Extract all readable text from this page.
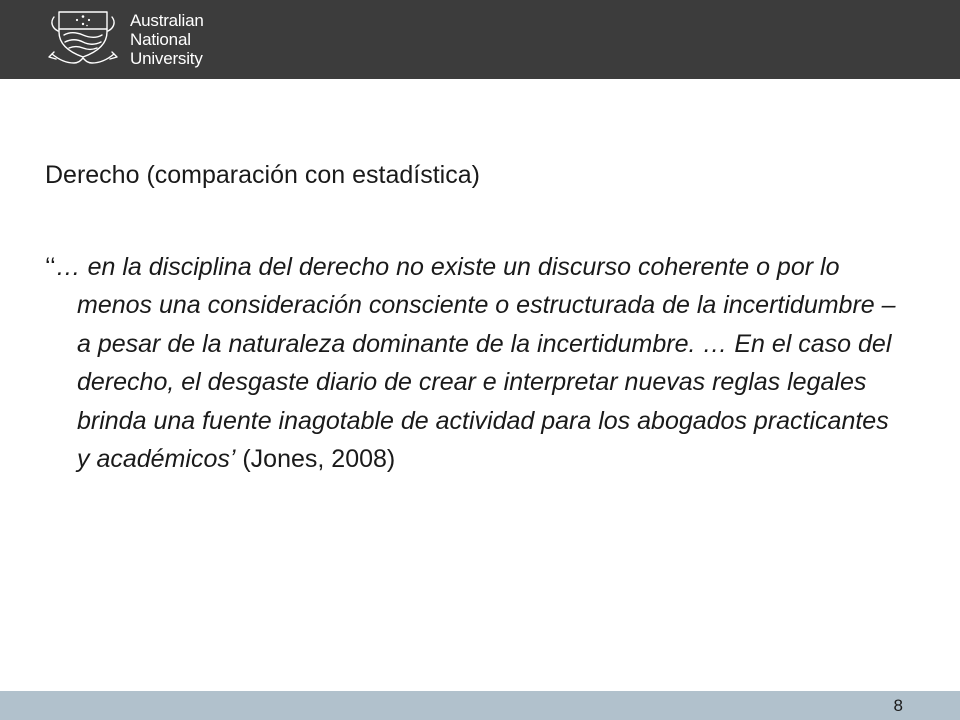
Australian
National
University
Derecho (comparación con estadística)

‘‘… en la disciplina del derecho no existe un discurso coherente o por lo menos una consideración consciente o estructurada de la incertidumbre – a pesar de la naturaleza dominante de la incertidumbre. … En el caso del derecho, el desgaste diario de crear e interpretar nuevas reglas legales brinda una fuente inagotable de actividad para los abogados practicantes y académicos’ (Jones, 2008)

8
